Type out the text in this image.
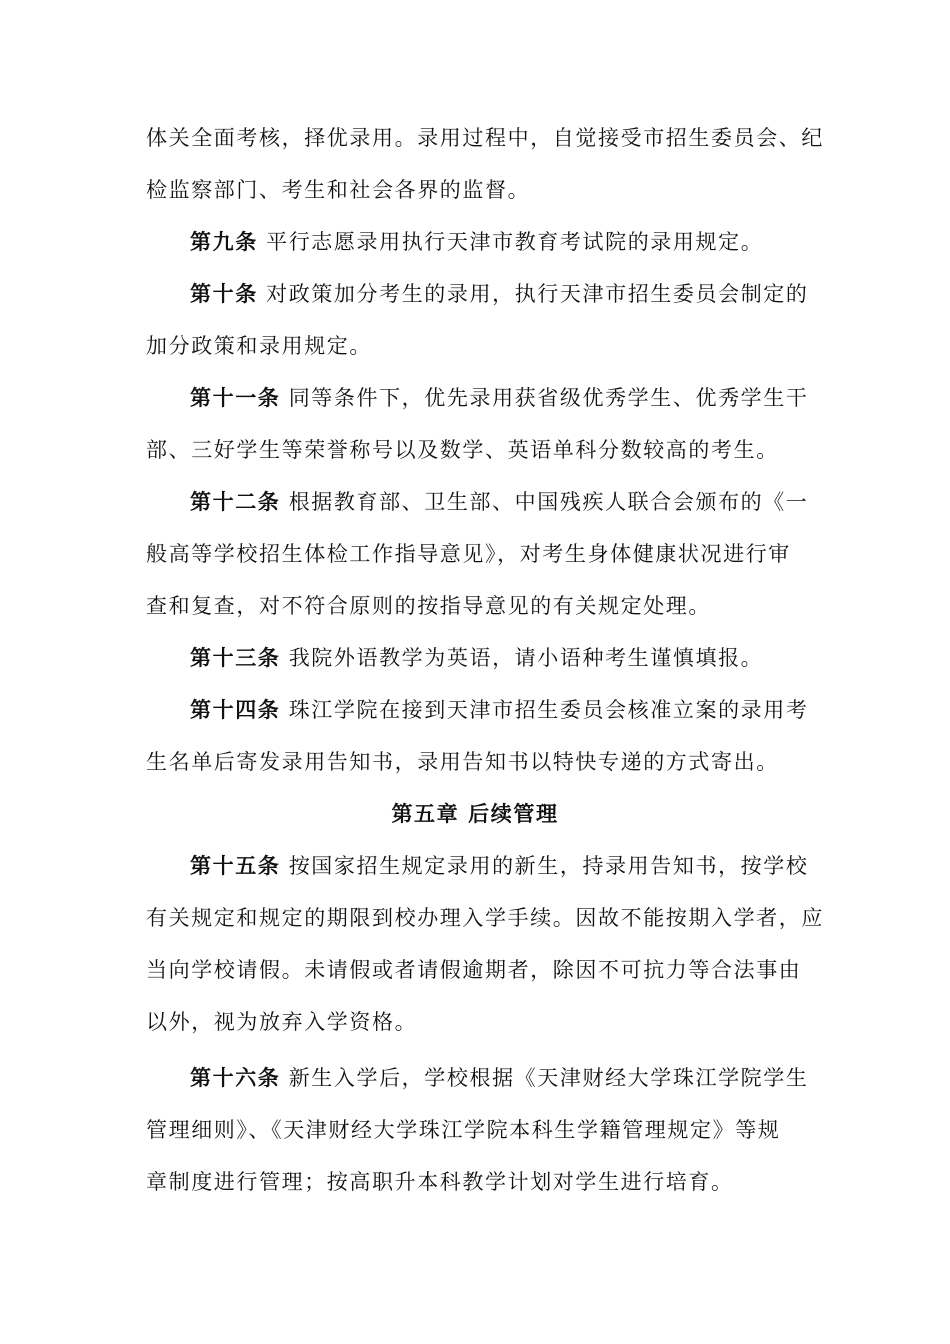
体关全面考核，择优录用。录用过程中，自觉接受市招生委员会、纪
检监察部门、考生和社会各界的监督。
第九条 平行志愿录用执行天津市教育考试院的录用规定。
第十条 对政策加分考生的录用，执行天津市招生委员会制定的
加分政策和录用规定。
第十一条 同等条件下，优先录用获省级优秀学生、优秀学生干
部、三好学生等荣誉称号以及数学、英语单科分数较高的考生。
第十二条 根据教育部、卫生部、中国残疾人联合会颁布的《一
般高等学校招生体检工作指导意见》，对考生身体健康状况进行审
查和复查，对不符合原则的按指导意见的有关规定处理。
第十三条 我院外语教学为英语，请小语种考生谨慎填报。
第十四条 珠江学院在接到天津市招生委员会核准立案的录用考
生名单后寄发录用告知书，录用告知书以特快专递的方式寄出。
第五章 后续管理
第十五条 按国家招生规定录用的新生，持录用告知书，按学校
有关规定和规定的期限到校办理入学手续。因故不能按期入学者，应
当向学校请假。未请假或者请假逾期者，除因不可抗力等合法事由
以外，视为放弃入学资格。
第十六条 新生入学后，学校根据《天津财经大学珠江学院学生
管理细则》、《天津财经大学珠江学院本科生学籍管理规定》等规
章制度进行管理；按高职升本科教学计划对学生进行培育。
